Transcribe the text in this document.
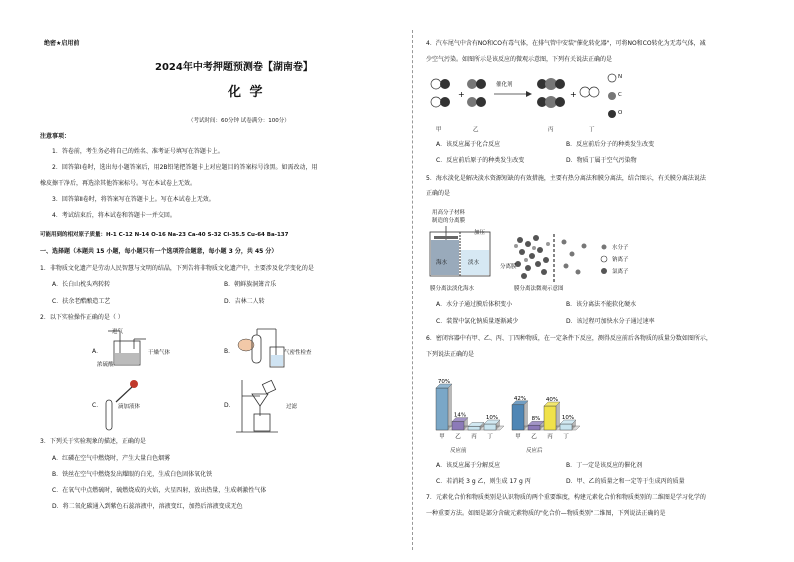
绝密★启用前
2024年中考押题预测卷【湖南卷】
化 学
（考试时间：60分钟 试卷满分：100分）
注意事项：
1．答卷前，考生务必将自己的姓名、准考证号填写在答题卡上。
2．回答第Ⅰ卷时，选出每小题答案后，用2B铅笔把答题卡上对应题目的答案标号涂黑。如需改动，用
橡皮擦干净后，再选涂其他答案标号。写在本试卷上无效。
3．回答第Ⅱ卷时，将答案写在答题卡上。写在本试卷上无效。
4．考试结束后，将本试卷和答题卡一并交回。
可能用到的相对原子质量：H-1 C-12 N-14 O-16 Na-23 Ca-40 S-32 Cl-35.5 Cu-64 Ba-137
一、选择题（本题共 15 小题，每小题只有一个选项符合题意，每小题 3 分，共 45 分）
1．非物质文化遗产是劳动人民智慧与文明的结晶，下列告将非物质文化遗产中，主要涉及化学变化的是
A．长白山枕头鸡转转	B．朝鲜族洞箫音乐
C．扶余老醋酿造工艺	D．吉林二人转
2．以下实验操作正确的是（ ）
A．
进气
浓硫酸
干燥气体	B．	气密性检查
C．	滴加液体	D．	过滤
3．下列关于实验现象的描述，正确的是
A．红磷在空气中燃烧时，产生大量白色烟雾
B．铁丝在空气中燃烧发出耀眼的白光，生成白色固体氧化铁
C．在氧气中点燃硫时，硫燃烧成的火焰，火星四射，放出热量，生成刺激性气体
D．将二氧化碳通入到紫色石蕊溶液中，溶液变红，加热后溶液变成无色
4．汽车尾气中含有NO和CO有毒气体，在排气管中安装"催化转化器"，可将NO和CO转化为无毒气体，减
少空气污染。如图所示是该反应的微观示意图，下列有关说法正确的是
+	+
催化剂
N
C
O
甲	乙	丙	丁
A．该反应属于化合反应	B．反应前后分子的种类发生改变
C．反应前后原子的种类发生改变	D．物质丁属于空气污染物
5．海水淡化是解决淡水资源短缺的有效措施，主要有热分离法和膜分离法，结合图示，有关膜分离法说法
正确的是
用高分子材料
制造的分离膜
加压
海水	淡水
膜分离法淡化海水
分离膜
膜分离法微观示意图
水分子
钠离子
氯离子
A．水分子通过膜后体积变小	B．该分离法不能软化硬水
C．装置中氯化钠质量逐渐减少	D．该过程可加快水分子通过速率
6．密闭容器中有甲、乙、丙、丁四种物质，在一定条件下反应，测得反应前后各物质的质量分数如图所示，
下列说法正确的是
70%
甲
14%
乙 丙
10%
丁
42%
甲
8%
乙
40%
丙
10%
丁
反应前	反应后
A．该反应属于分解反应	B．丁一定是该反应的催化剂
C．若消耗 3 g 乙，则生成 17 g 丙	D．甲、乙的质量之和一定等于生成丙的质量
7．元素化合价和物质类别是认识物质的两个重要维度，构建元素化合价和物质类别的二维图是学习化学的
一种重要方法。如图是部分含硫元素物质的"化合价—物质类别"二维图，下列说法正确的是
